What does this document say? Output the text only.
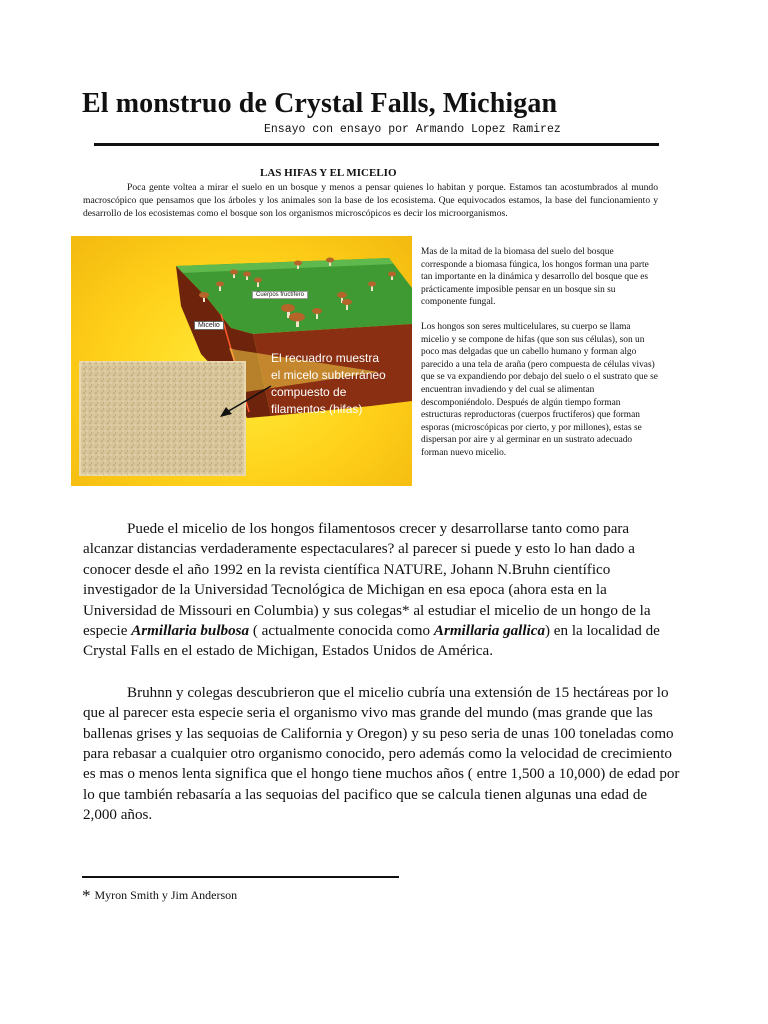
El monstruo de Crystal Falls, Michigan
Ensayo con ensayo por Armando Lopez Ramirez
LAS HIFAS Y EL MICELIO

Poca gente voltea a mirar el suelo en un bosque y menos a pensar quienes lo habitan y porque. Estamos tan acostumbrados al mundo macroscópico que pensamos que los árboles y los animales son la base de los ecosistema. Que equivocados estamos, la base del funcionamiento y desarrollo de los ecosistemas como el bosque son los organismos microscópicos es decir los microorganismos.

Cuerpos fructífero
Micelio
El recuadro muestra
el micelo subterráneo
compuesto de
filamentos (hifas)

Mas de la mitad de la biomasa del suelo del bosque corresponde a biomasa fúngica, los hongos forman una parte tan importante en la dinámica y desarrollo del bosque que es prácticamente imposible pensar en un bosque sin su componente fungal.

Los hongos son seres multicelulares, su cuerpo se llama micelio y se compone de hifas (que son sus células), son un poco mas delgadas que un cabello humano y forman algo parecido a una tela de araña (pero compuesta de células vivas) que se va expandiendo por debajo del suelo o el sustrato que se encuentran invadiendo y del cual se alimentan descomponiéndolo. Después de algún tiempo forman estructuras reproductoras (cuerpos fructíferos) que forman esporas (microscópicas por cierto, y por millones), estas se dispersan por aire y al germinar en un sustrato adecuado forman nuevo micelio.

Puede el micelio de los hongos filamentosos crecer y desarrollarse tanto como para alcanzar distancias verdaderamente espectaculares? al parecer si puede y esto lo han dado a conocer desde el año 1992 en la revista científica NATURE, Johann N.Bruhn científico investigador de la Universidad Tecnológica de Michigan en esa epoca (ahora esta en la Universidad de Missouri en Columbia) y sus colegas* al estudiar el micelio de un hongo de la especie Armillaria bulbosa ( actualmente conocida como Armillaria gallica) en la localidad de Crystal Falls en el estado de Michigan, Estados Unidos de América.

Bruhnn y colegas descubrieron que el micelio cubría una extensión de 15 hectáreas por lo que al parecer esta especie seria el organismo vivo mas grande del mundo (mas grande que las ballenas grises y las sequoias de California y Oregon) y su peso seria de unas 100 toneladas como para rebasar a cualquier otro organismo conocido, pero además como la velocidad de crecimiento es mas o menos lenta significa que el hongo tiene muchos años ( entre 1,500 a 10,000) de edad por lo que también rebasaría a las sequoias del pacifico que se calcula tienen algunas una edad de 2,000 años.

* Myron Smith y Jim Anderson
